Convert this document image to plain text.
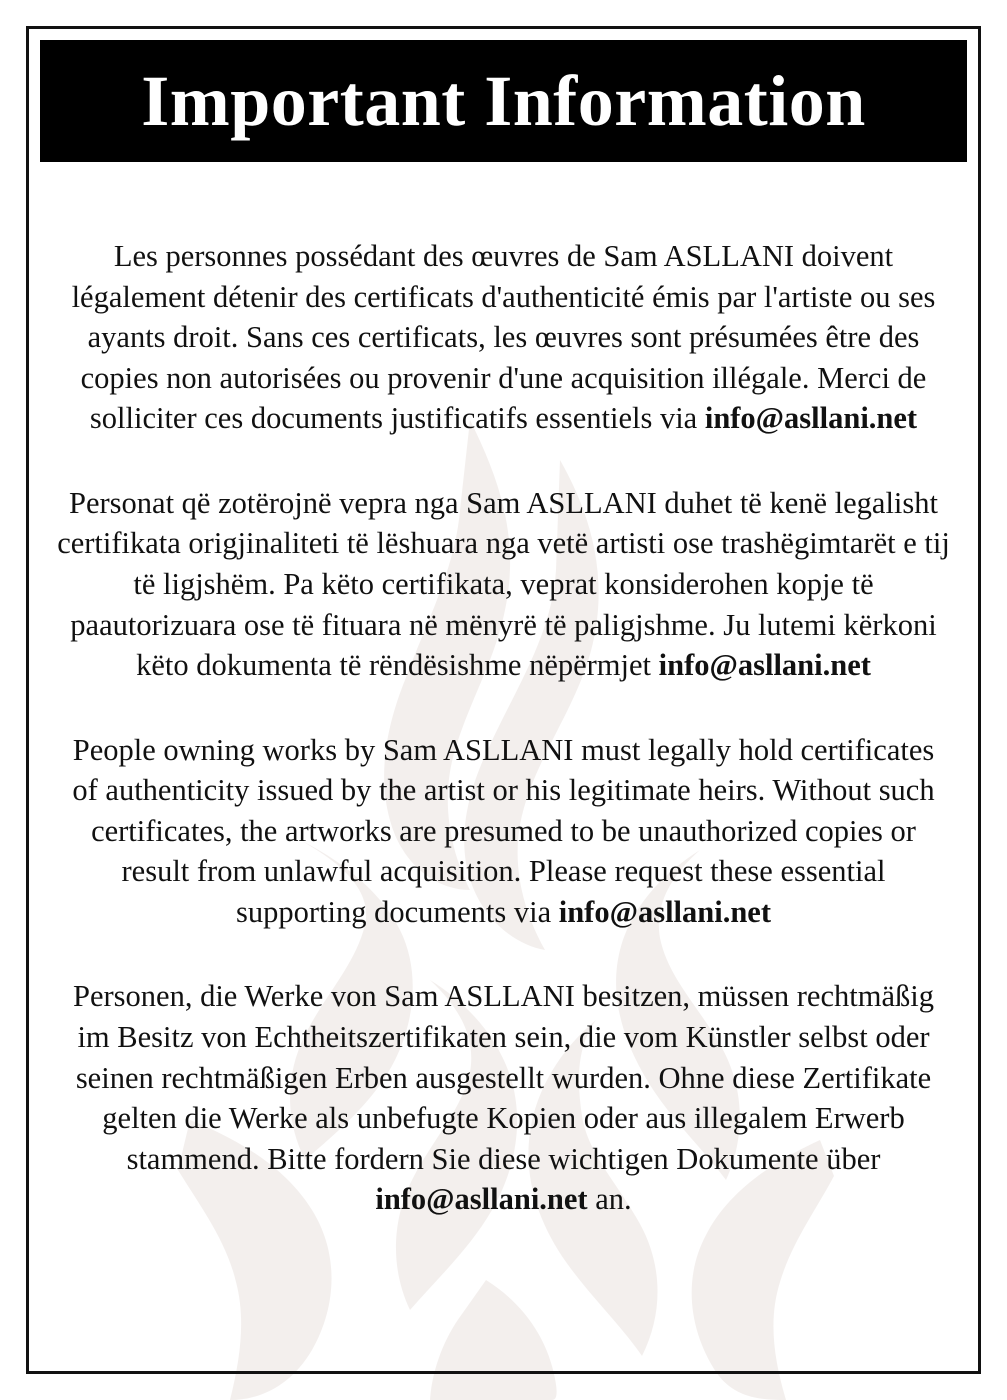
Important Information

Les personnes possédant des œuvres de Sam ASLLANI doivent légalement détenir des certificats d'authenticité émis par l'artiste ou ses ayants droit. Sans ces certificats, les œuvres sont présumées être des copies non autorisées ou provenir d'une acquisition illégale. Merci de solliciter ces documents justificatifs essentiels via info@asllani.net

Personat që zotërojnë vepra nga Sam ASLLANI duhet të kenë legalisht certifikata origjinaliteti të lëshuara nga vetë artisti ose trashëgimtarët e tij të ligjshëm. Pa këto certifikata, veprat konsiderohen kopje të paautorizuara ose të fituara në mënyrë të paligjshme. Ju lutemi kërkoni këto dokumenta të rëndësishme nëpërmjet info@asllani.net

People owning works by Sam ASLLANI must legally hold certificates of authenticity issued by the artist or his legitimate heirs. Without such certificates, the artworks are presumed to be unauthorized copies or result from unlawful acquisition. Please request these essential supporting documents via info@asllani.net

Personen, die Werke von Sam ASLLANI besitzen, müssen rechtmäßig im Besitz von Echtheitszertifikaten sein, die vom Künstler selbst oder seinen rechtmäßigen Erben ausgestellt wurden. Ohne diese Zertifikate gelten die Werke als unbefugte Kopien oder aus illegalem Erwerb stammend. Bitte fordern Sie diese wichtigen Dokumente über info@asllani.net an.
